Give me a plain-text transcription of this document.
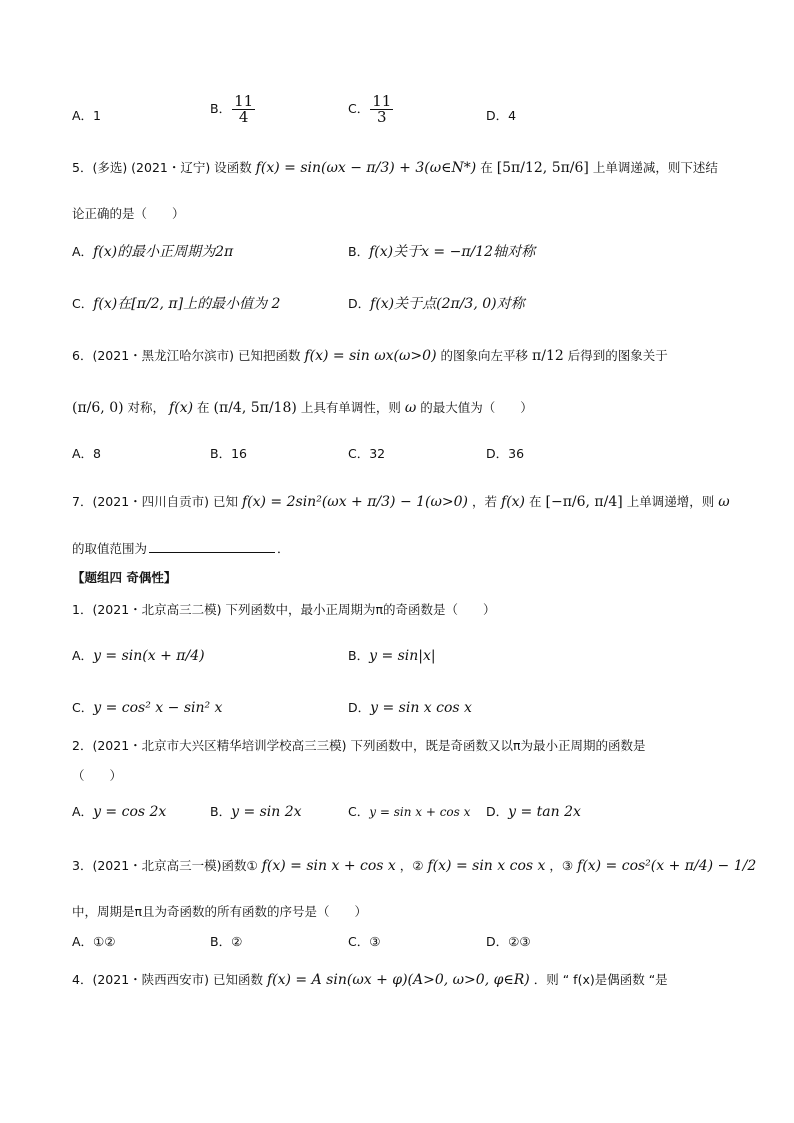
A．1	B． $\frac{11}{4}$	C． $\frac{11}{3}$	D．4
5．(多选) (2021・辽宁) 设函数 f(x) = sin(ωx − π/3) + 3(ω∈N*) 在 [5π/12, 5π/6] 上单调递减，则下述结
论正确的是（　　）
A．f(x)的最小正周期为2π	B．f(x)关于x = −π/12轴对称
C．f(x)在[π/2, π]上的最小值为 2	D．f(x)关于点(2π/3, 0)对称
6．(2021・黑龙江哈尔滨市) 已知把函数 f(x) = sin ωx(ω>0) 的图象向左平移 π/12 后得到的图象关于
(π/6, 0) 对称， f(x) 在 (π/4, 5π/18) 上具有单调性，则 ω 的最大值为（　　）
A．8	B．16	C．32	D．36
7．(2021・四川自贡市) 已知 f(x) = 2sin²(ωx + π/3) − 1(ω>0) ，若 f(x) 在 [−π/6, π/4] 上单调递增，则 ω
的取值范围为	．
【题组四 奇偶性】
1．(2021・北京高三二模) 下列函数中，最小正周期为π的奇函数是（　　）
A．y = sin(x + π/4)	B．y = sin|x|
C．y = cos² x − sin² x	D．y = sin x cos x
2．(2021・北京市大兴区精华培训学校高三三模) 下列函数中，既是奇函数又以π为最小正周期的函数是
（　　）
A．y = cos 2x	B．y = sin 2x	C．y = sin x + cos x D．y = tan 2x
3．(2021・北京高三一模)函数① f(x) = sin x + cos x ，② f(x) = sin x cos x ，③ f(x) = cos²(x + π/4) − 1/2
中，周期是π且为奇函数的所有函数的序号是（　　）
A．①②	B．②	C．③	D．②③
4．(2021・陕西西安市) 已知函数 f(x) = A sin(ωx + φ)(A>0, ω>0, φ∈R) ．则 “ f(x)是偶函数 “是
